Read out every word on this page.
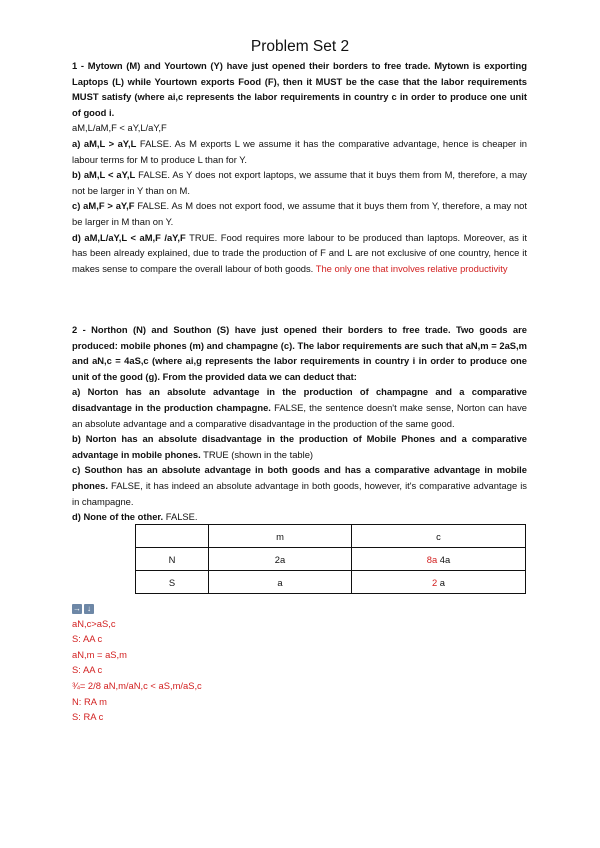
Problem Set 2

1 - Mytown (M) and Yourtown (Y) have just opened their borders to free trade. Mytown is exporting Laptops (L) while Yourtown exports Food (F), then it MUST be the case that the labor requirements MUST satisfy (where ai,c represents the labor requirements in country c in order to produce one unit of good i.

aM,L/aM,F < aY,L/aY,F

a) aM,L > aY,L FALSE. As M exports L we assume it has the comparative advantage, hence is cheaper in labour terms for M to produce L than for Y.

b) aM,L < aY,L FALSE. As Y does not export laptops, we assume that it buys them from M, therefore, a may not be larger in Y than on M.

c) aM,F > aY,F FALSE. As M does not export food, we assume that it buys them from Y, therefore, a may not be larger in M than on Y.

d) aM,L/aY,L < aM,F /aY,F TRUE. Food requires more labour to be produced than laptops. Moreover, as it has been already explained, due to trade the production of F and L are not exclusive of one country, hence it makes sense to compare the overall labour of both goods. The only one that involves relative productivity

2 - Northon (N) and Southon (S) have just opened their borders to free trade. Two goods are produced: mobile phones (m) and champagne (c). The labor requirements are such that aN,m = 2aS,m and aN,c = 4aS,c (where ai,g represents the labor requirements in country i in order to produce one unit of the good (g). From the provided data we can deduct that:

a) Norton has an absolute advantage in the production of champagne and a comparative disadvantage in the production champagne. FALSE, the sentence doesn't make sense, Norton can have an absolute advantage and a comparative disadvantage in the production of the same good.

b) Norton has an absolute disadvantage in the production of Mobile Phones and a comparative advantage in mobile phones. TRUE (shown in the table)

c) Southon has an absolute advantage in both goods and has a comparative advantage in mobile phones. FALSE, it has indeed an absolute advantage in both goods, however, it's comparative advantage is in champagne.

d) None of the other. FALSE.

	m	c
N	2a	8a 4a
S	a	2 a
→ ↓

aN,c>aS,c

S: AA c

aN,m = aS,m

S: AA c

¾= 2/8 aN,m/aN,c < aS,m/aS,c

N: RA m

S: RA c
